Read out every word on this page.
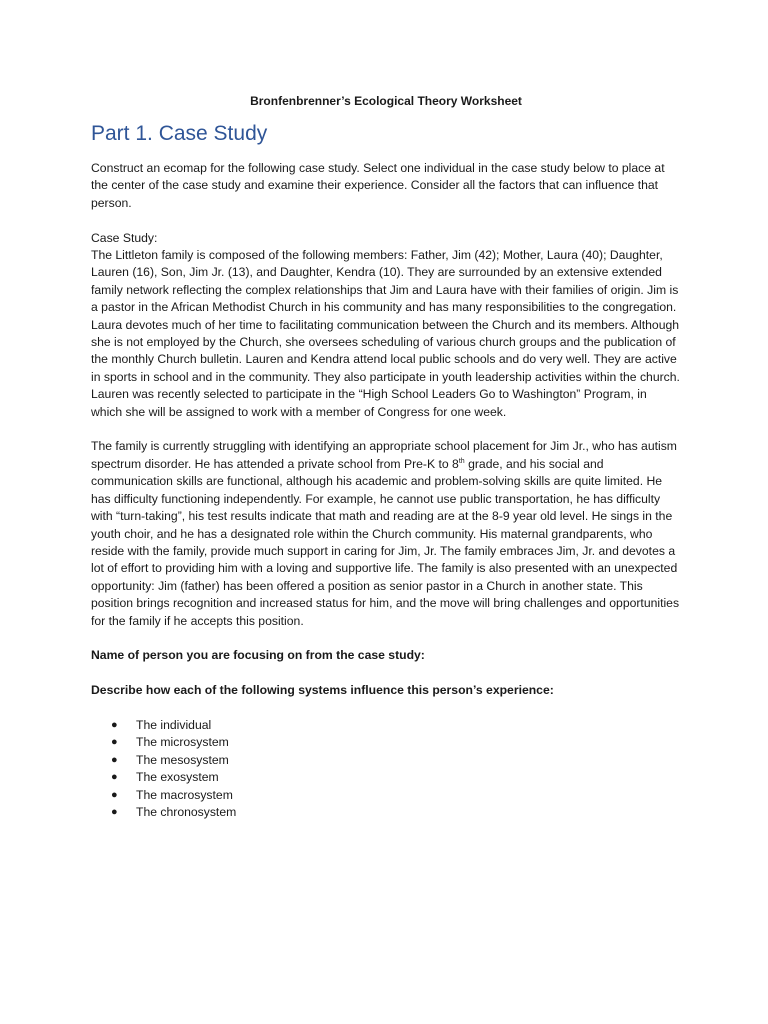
Bronfenbrenner’s Ecological Theory Worksheet
Part 1. Case Study

Construct an ecomap for the following case study. Select one individual in the case study below to place at the center of the case study and examine their experience. Consider all the factors that can influence that person.

Case Study:

The Littleton family is composed of the following members: Father, Jim (42); Mother, Laura (40); Daughter, Lauren (16), Son, Jim Jr. (13), and Daughter, Kendra (10). They are surrounded by an extensive extended family network reflecting the complex relationships that Jim and Laura have with their families of origin. Jim is a pastor in the African Methodist Church in his community and has many responsibilities to the congregation. Laura devotes much of her time to facilitating communication between the Church and its members. Although she is not employed by the Church, she oversees scheduling of various church groups and the publication of the monthly Church bulletin. Lauren and Kendra attend local public schools and do very well. They are active in sports in school and in the community. They also participate in youth leadership activities within the church. Lauren was recently selected to participate in the “High School Leaders Go to Washington” Program, in which she will be assigned to work with a member of Congress for one week.

The family is currently struggling with identifying an appropriate school placement for Jim Jr., who has autism spectrum disorder. He has attended a private school from Pre-K to 8th grade, and his social and communication skills are functional, although his academic and problem-solving skills are quite limited. He has difficulty functioning independently. For example, he cannot use public transportation, he has difficulty with “turn-taking”, his test results indicate that math and reading are at the 8-9 year old level. He sings in the youth choir, and he has a designated role within the Church community. His maternal grandparents, who reside with the family, provide much support in caring for Jim, Jr. The family embraces Jim, Jr. and devotes a lot of effort to providing him with a loving and supportive life. The family is also presented with an unexpected opportunity: Jim (father) has been offered a position as senior pastor in a Church in another state. This position brings recognition and increased status for him, and the move will bring challenges and opportunities for the family if he accepts this position.

Name of person you are focusing on from the case study:

Describe how each of the following systems influence this person’s experience:

● The individual
● The microsystem
● The mesosystem
● The exosystem
● The macrosystem
● The chronosystem
